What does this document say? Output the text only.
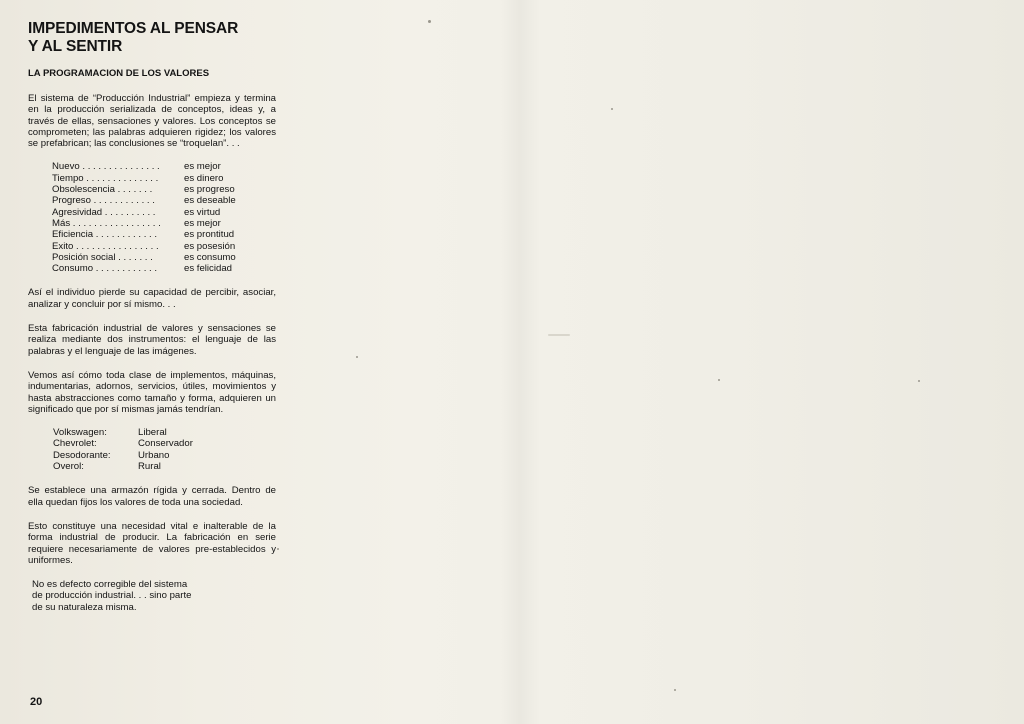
IMPEDIMENTOS AL PENSAR
Y AL SENTIR
LA PROGRAMACION DE LOS VALORES

El sistema de “Producción Industrial” empieza y termina en la producción serializada de conceptos, ideas y, a través de ellas, sensaciones y valores. Los conceptos se comprometen; las palabras adquieren rigidez; los valores se prefabrican; las conclusiones se “troquelan”. . .

Nuevo . . . . . . . . . . . . . . .	es mejor
Tiempo . . . . . . . . . . . . . .	es dinero
Obsolescencia . . . . . . .	es progreso
Progreso . . . . . . . . . . . .	es deseable
Agresividad . . . . . . . . . .	es virtud
Más . . . . . . . . . . . . . . . . .	es mejor
Eficiencia . . . . . . . . . . . .	es prontitud
Exito . . . . . . . . . . . . . . . .	es posesión
Posición social . . . . . . .	es consumo
Consumo . . . . . . . . . . . .	es felicidad

Así el individuo pierde su capacidad de percibir, asociar, analizar y concluir por sí mismo. . .

Esta fabricación industrial de valores y sensaciones se realiza mediante dos instrumentos: el lenguaje de las palabras y el lenguaje de las imágenes.

Vemos así cómo toda clase de implementos, máquinas, indumentarias, adornos, servicios, útiles, movimientos y hasta abstracciones como tamaño y forma, adquieren un significado que por sí mismas jamás tendrían.

Volkswagen:	Liberal
Chevrolet:	Conservador
Desodorante:	Urbano
Overol:	Rural

Se establece una armazón rígida y cerrada. Dentro de ella quedan fijos los valores de toda una sociedad.

Esto constituye una necesidad vital e inalterable de la forma industrial de producir. La fabricación en serie requiere necesariamente de valores pre-establecidos y uniformes.

No es defecto corregible del sistema
de producción industrial. . . sino parte
de su naturaleza misma.

20
